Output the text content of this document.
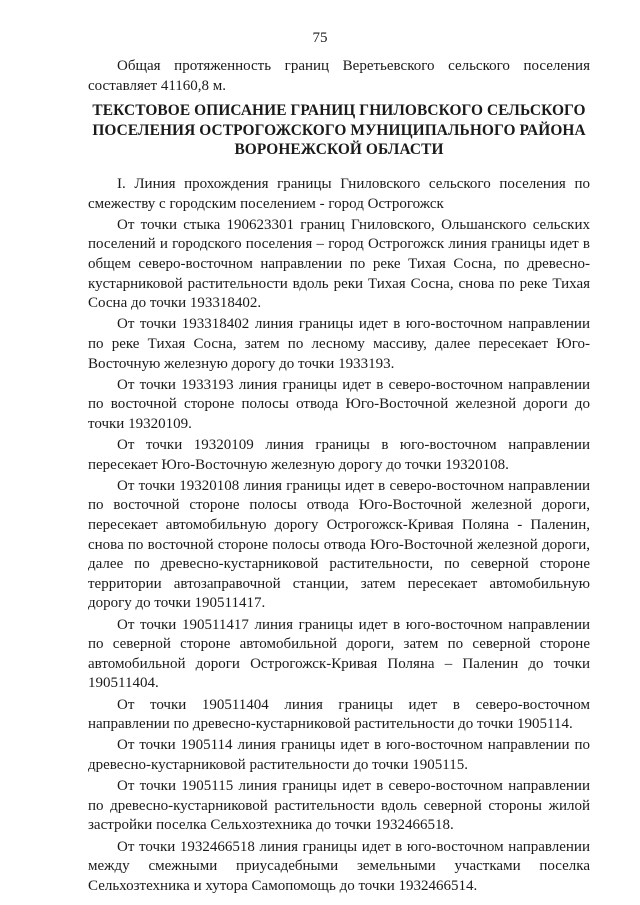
75

Общая протяженность границ Веретьевского сельского поселения составляет 41160,8 м.

ТЕКСТОВОЕ ОПИСАНИЕ ГРАНИЦ ГНИЛОВСКОГО СЕЛЬСКОГО
ПОСЕЛЕНИЯ ОСТРОГОЖСКОГО МУНИЦИПАЛЬНОГО РАЙОНА
ВОРОНЕЖСКОЙ ОБЛАСТИ

I. Линия прохождения границы Гниловского сельского поселения по смежеству с городским поселением - город Острогожск

От точки стыка 190623301 границ Гниловского, Ольшанского сельских поселений и городского поселения – город Острогожск линия границы идет в общем северо-восточном направлении по реке Тихая Сосна, по древесно-кустарниковой растительности вдоль реки Тихая Сосна, снова по реке Тихая Сосна до точки 193318402.

От точки 193318402 линия границы идет в юго-восточном направлении по реке Тихая Сосна, затем по лесному массиву, далее пересекает Юго-Восточную железную дорогу до точки 1933193.

От точки 1933193 линия границы идет в северо-восточном направлении по восточной стороне полосы отвода Юго-Восточной железной дороги до точки 19320109.

От точки 19320109 линия границы в юго-восточном направлении пересекает Юго-Восточную железную дорогу до точки 19320108.

От точки 19320108 линия границы идет в северо-восточном направлении по восточной стороне полосы отвода Юго-Восточной железной дороги, пересекает автомобильную дорогу Острогожск-Кривая Поляна - Паленин, снова по восточной стороне полосы отвода Юго-Восточной железной дороги, далее по древесно-кустарниковой растительности, по северной стороне территории автозаправочной станции, затем пересекает автомобильную дорогу до точки 190511417.

От точки 190511417 линия границы идет в юго-восточном направлении по северной стороне автомобильной дороги, затем по северной стороне автомобильной дороги Острогожск-Кривая Поляна – Паленин до точки 190511404.

От точки 190511404 линия границы идет в северо-восточном направлении по древесно-кустарниковой растительности до точки 1905114.

От точки 1905114 линия границы идет в юго-восточном направлении по древесно-кустарниковой растительности до точки 1905115.

От точки 1905115 линия границы идет в северо-восточном направлении по древесно-кустарниковой растительности вдоль северной стороны жилой застройки поселка Сельхозтехника до точки 1932466518.

От точки 1932466518 линия границы идет в юго-восточном направлении между смежными приусадебными земельными участками поселка Сельхозтехника и хутора Самопомощь до точки 1932466514.
